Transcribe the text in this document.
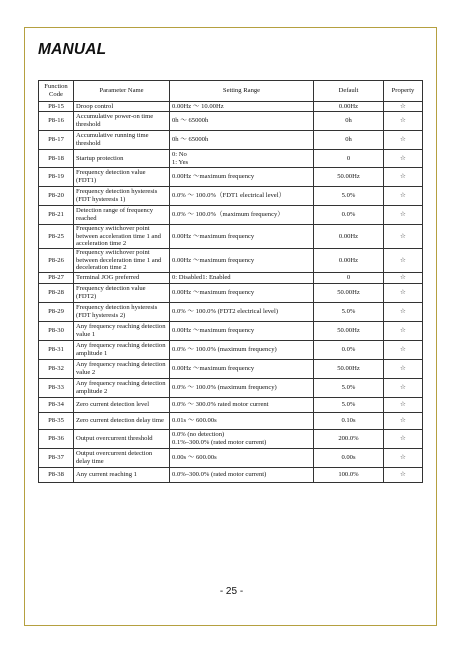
MANUAL
Function Code	Parameter Name	Setting Range	Default	Property
P8-15	Droop control	0.00Hz ～ 10.00Hz	0.00Hz	☆
P8-16	Accumulative power-on time threshold	0h ～ 65000h	0h	☆
P8-17	Accumulative running time threshold	0h ～ 65000h	0h	☆
P8-18	Startup protection	0: No
1: Yes	0	☆
P8-19	Frequency detection value (FDT1)	0.00Hz ～maximum frequency	50.00Hz	☆
P8-20	Frequency detection hysteresis (FDT hysteresis 1)	0.0% ～ 100.0%（FDT1 electrical level）	5.0%	☆
P8-21	Detection range of frequency reached	0.0% ～ 100.0%（maximum frequency）	0.0%	☆
P8-25	Frequency switchover point between acceleration time 1 and acceleration time 2	0.00Hz ～maximum frequency	0.00Hz	☆
P8-26	Frequency switchover point between deceleration time 1 and deceleration time 2	0.00Hz ～maximum frequency	0.00Hz	☆
P8-27	Terminal JOG preferred	0: Disabled1: Enabled	0	☆
P8-28	Frequency detection value (FDT2)	0.00Hz ～maximum frequency	50.00Hz	☆
P8-29	Frequency detection hysteresis (FDT hysteresis 2)	0.0% ～ 100.0% (FDT2 electrical level)	5.0%	☆
P8-30	Any frequency reaching detection value 1	0.00Hz ～maximum frequency	50.00Hz	☆
P8-31	Any frequency reaching detection amplitude 1	0.0% ～ 100.0% (maximum frequency)	0.0%	☆
P8-32	Any frequency reaching detection value 2	0.00Hz ～maximum frequency	50.00Hz	☆
P8-33	Any frequency reaching detection amplitude 2	0.0% ～ 100.0% (maximum frequency)	5.0%	☆
P8-34	Zero current detection level	0.0% ～ 300.0% rated motor current	5.0%	☆
P8-35	Zero current detection delay time	0.01s ～ 600.00s	0.10s	☆
P8-36	Output overcurrent threshold	0.0% (no detection)
0.1%–300.0% (rated motor current)	200.0%	☆
P8-37	Output overcurrent detection delay time	0.00s ～ 600.00s	0.00s	☆
P8-38	Any current reaching 1	0.0%–300.0% (rated motor current)	100.0%	☆
- 25 -
